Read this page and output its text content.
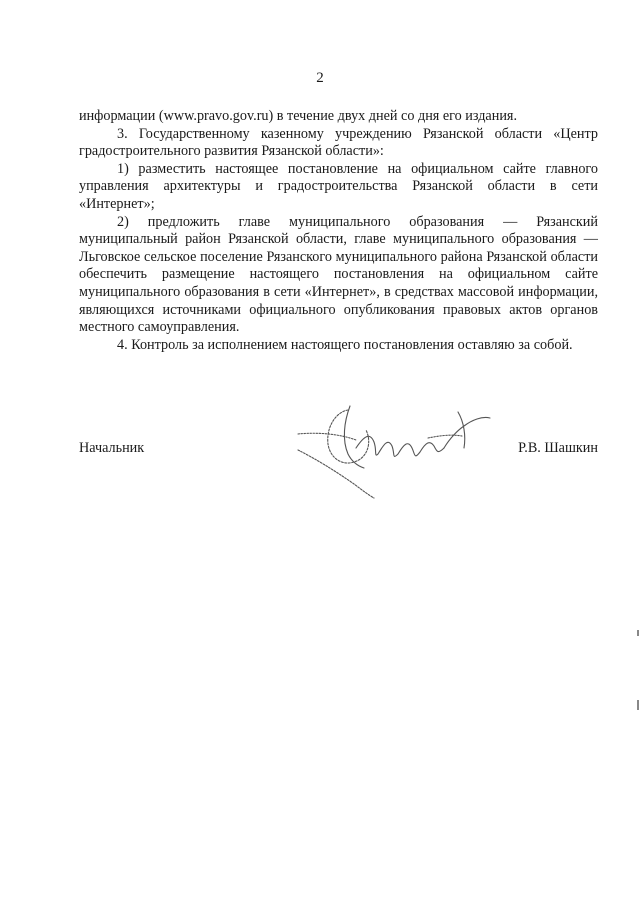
2

информации (www.pravo.gov.ru) в течение двух дней со дня его издания.

3. Государственному казенному учреждению Рязанской области «Центр градостроительного развития Рязанской области»:

1) разместить настоящее постановление на официальном сайте главного управления архитектуры и градостроительства Рязанской области в сети «Интернет»;

2) предложить главе муниципального образования — Рязанский муниципальный район Рязанской области, главе муниципального образования — Льговское сельское поселение Рязанского муниципального района Рязанской области обеспечить размещение настоящего постановления на официальном сайте муниципального образования в сети «Интернет», в средствах массовой информации, являющихся источниками официального опубликования правовых актов органов местного самоуправления.

4. Контроль за исполнением настоящего постановления оставляю за собой.

Начальник	Р.В. Шашкин
